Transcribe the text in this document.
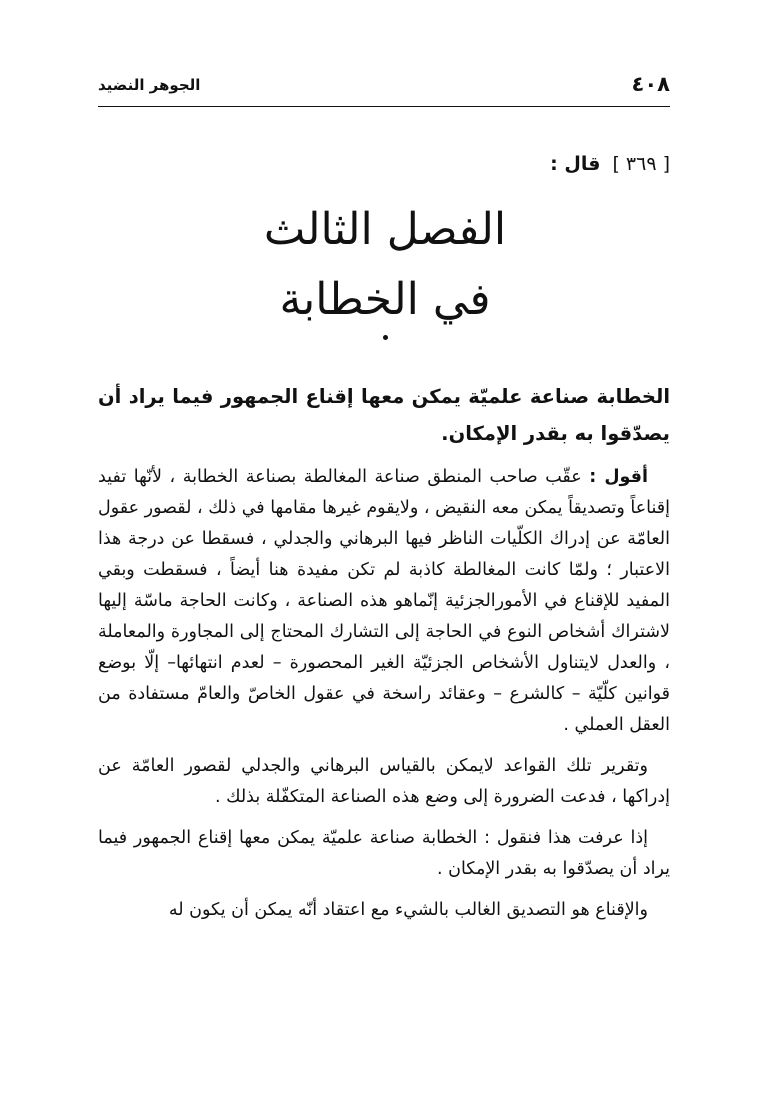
٤٠٨
الجوهر النضيد
[ ٣٦٩ ] قال :
الفصل الثالث
في الخطابة

الخطابة صناعة علميّة يمكن معها إقناع الجمهور فيما يراد أن يصدّقوا به بقدر الإمكان.

أقول : عقّب صاحب المنطق صناعة المغالطة بصناعة الخطابة ، لأنّها تفيد إقناعاً وتصديقاً يمكن معه النقيض ، ولايقوم غيرها مقامها في ذلك ، لقصور عقول العامّة عن إدراك الكلّيات الناظر فيها البرهاني والجدلي ، فسقطا عن درجة هذا الاعتبار ؛ ولمّا كانت المغالطة كاذبة لم تكن مفيدة هنا أيضاً ، فسقطت وبقي المفيد للإقناع في الأمورالجزئية إنّماهو هذه الصناعة ، وكانت الحاجة ماسّة إليها لاشتراك أشخاص النوع في الحاجة إلى التشارك المحتاج إلى المجاورة والمعاملة ، والعدل لايتناول الأشخاص الجزئيّة الغير المحصورة – لعدم انتهائها– إلّا بوضع قوانين كلّيّة – كالشرع – وعقائد راسخة في عقول الخاصّ والعامّ مستفادة من العقل العملي .

وتقرير تلك القواعد لايمكن بالقياس البرهاني والجدلي لقصور العامّة عن إدراكها ، فدعت الضرورة إلى وضع هذه الصناعة المتكفّلة بذلك .

إذا عرفت هذا فنقول : الخطابة صناعة علميّة يمكن معها إقناع الجمهور فيما يراد أن يصدّقوا به بقدر الإمكان .

والإقناع هو التصديق الغالب بالشيء مع اعتقاد أنّه يمكن أن يكون له
